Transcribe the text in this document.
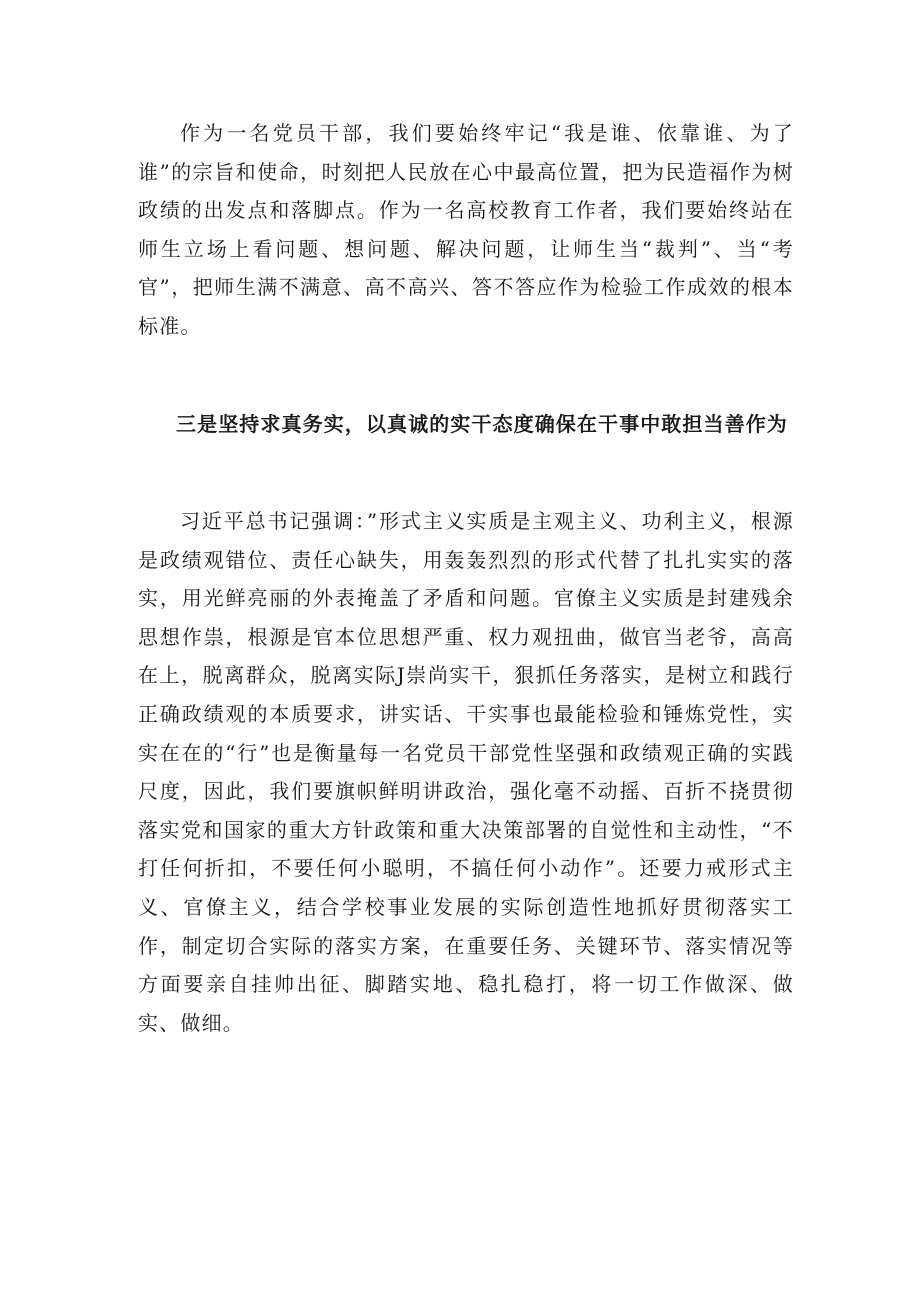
作为一名党员干部，我们要始终牢记“我是谁、依靠谁、为了谁”的宗旨和使命，时刻把人民放在心中最高位置，把为民造福作为树政绩的出发点和落脚点。作为一名高校教育工作者，我们要始终站在师生立场上看问题、想问题、解决问题，让师生当“裁判”、当“考官”，把师生满不满意、高不高兴、答不答应作为检验工作成效的根本标准。

三是坚持求真务实，以真诚的实干态度确保在干事中敢担当善作为

习近平总书记强调：”形式主义实质是主观主义、功利主义，根源是政绩观错位、责任心缺失，用轰轰烈烈的形式代替了扎扎实实的落实，用光鲜亮丽的外表掩盖了矛盾和问题。官僚主义实质是封建残余思想作祟，根源是官本位思想严重、权力观扭曲，做官当老爷，高高在上，脱离群众，脱离实际J崇尚实干，狠抓任务落实，是树立和践行正确政绩观的本质要求，讲实话、干实事也最能检验和锤炼党性，实实在在的“行”也是衡量每一名党员干部党性坚强和政绩观正确的实践尺度，因此，我们要旗帜鲜明讲政治，强化毫不动摇、百折不挠贯彻落实党和国家的重大方针政策和重大决策部署的自觉性和主动性，“不打任何折扣，不要任何小聪明，不搞任何小动作”。还要力戒形式主义、官僚主义，结合学校事业发展的实际创造性地抓好贯彻落实工作，制定切合实际的落实方案，在重要任务、关键环节、落实情况等方面要亲自挂帅出征、脚踏实地、稳扎稳打，将一切工作做深、做实、做细。
